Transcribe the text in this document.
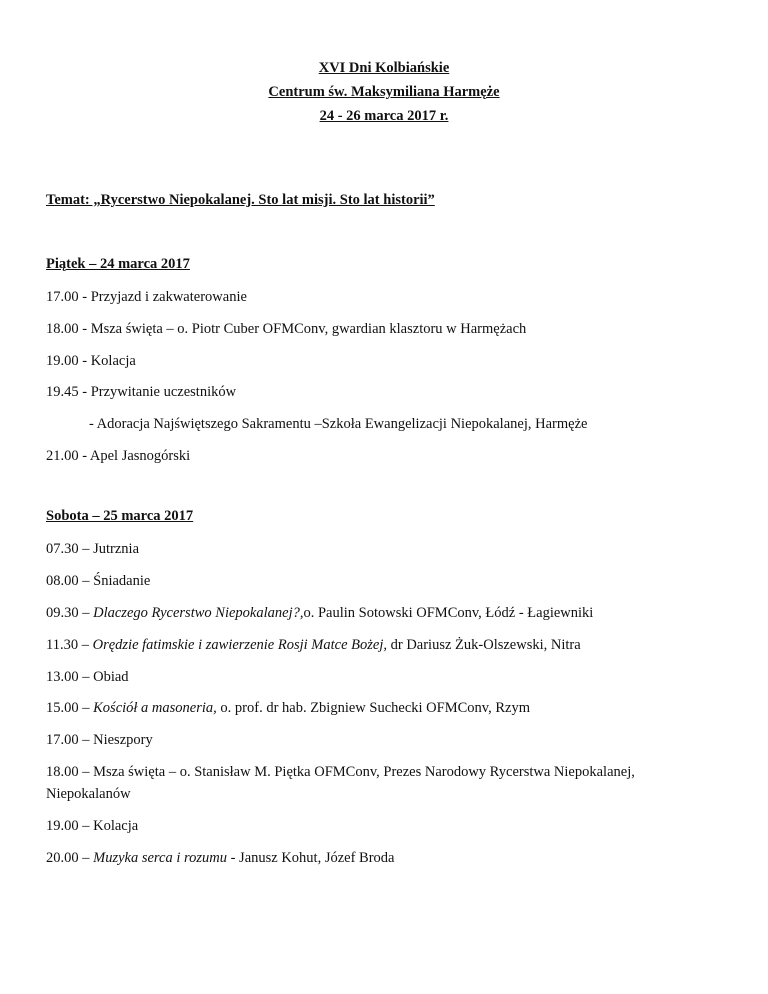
XVI Dni Kolbiańskie
Centrum św. Maksymiliana Harmęże
24 - 26 marca 2017 r.
Temat: „Rycerstwo Niepokalanej. Sto lat misji. Sto lat historii”
Piątek – 24 marca 2017
17.00 - Przyjazd i zakwaterowanie
18.00 - Msza święta – o. Piotr Cuber OFMConv, gwardian klasztoru w Harmężach
19.00 - Kolacja
19.45 - Przywitanie uczestników
- Adoracja Najświętszego Sakramentu –Szkoła Ewangelizacji Niepokalanej, Harmęże
21.00 - Apel Jasnogórski
Sobota – 25 marca 2017
07.30 – Jutrznia
08.00 – Śniadanie
09.30 – Dlaczego Rycerstwo Niepokalanej?,o. Paulin Sotowski OFMConv, Łódź - Łagiewniki
11.30 – Orędzie fatimskie i zawierzenie Rosji Matce Bożej, dr Dariusz Żuk-Olszewski, Nitra
13.00 – Obiad
15.00 – Kościół a masoneria, o. prof. dr hab. Zbigniew Suchecki OFMConv, Rzym
17.00 – Nieszpory
18.00 – Msza święta – o. Stanisław M. Piętka OFMConv, Prezes Narodowy Rycerstwa Niepokalanej, Niepokalanów
19.00 – Kolacja
20.00 – Muzyka serca i rozumu - Janusz Kohut, Józef Broda
